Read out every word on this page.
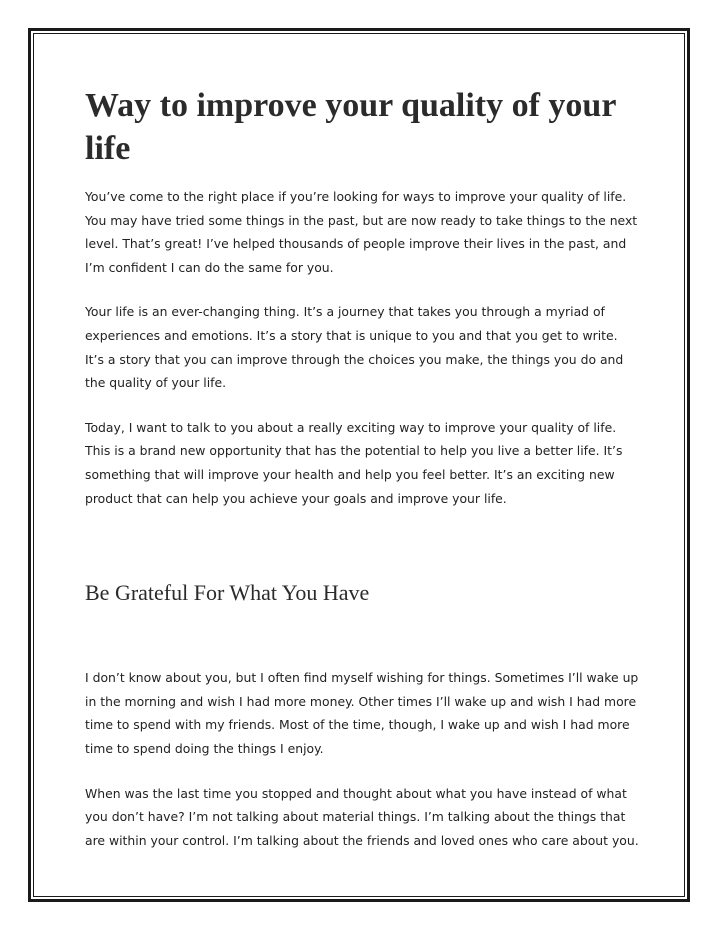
Way to improve your quality of your life

You’ve come to the right place if you’re looking for ways to improve your quality of life. You may have tried some things in the past, but are now ready to take things to the next level. That’s great! I’ve helped thousands of people improve their lives in the past, and I’m confident I can do the same for you.

Your life is an ever-changing thing. It’s a journey that takes you through a myriad of experiences and emotions. It’s a story that is unique to you and that you get to write. It’s a story that you can improve through the choices you make, the things you do and the quality of your life.

Today, I want to talk to you about a really exciting way to improve your quality of life. This is a brand new opportunity that has the potential to help you live a better life. It’s something that will improve your health and help you feel better. It’s an exciting new product that can help you achieve your goals and improve your life.

Be Grateful For What You Have

I don’t know about you, but I often find myself wishing for things. Sometimes I’ll wake up in the morning and wish I had more money. Other times I’ll wake up and wish I had more time to spend with my friends. Most of the time, though, I wake up and wish I had more time to spend doing the things I enjoy.

When was the last time you stopped and thought about what you have instead of what you don’t have? I’m not talking about material things. I’m talking about the things that are within your control. I’m talking about the friends and loved ones who care about you.
